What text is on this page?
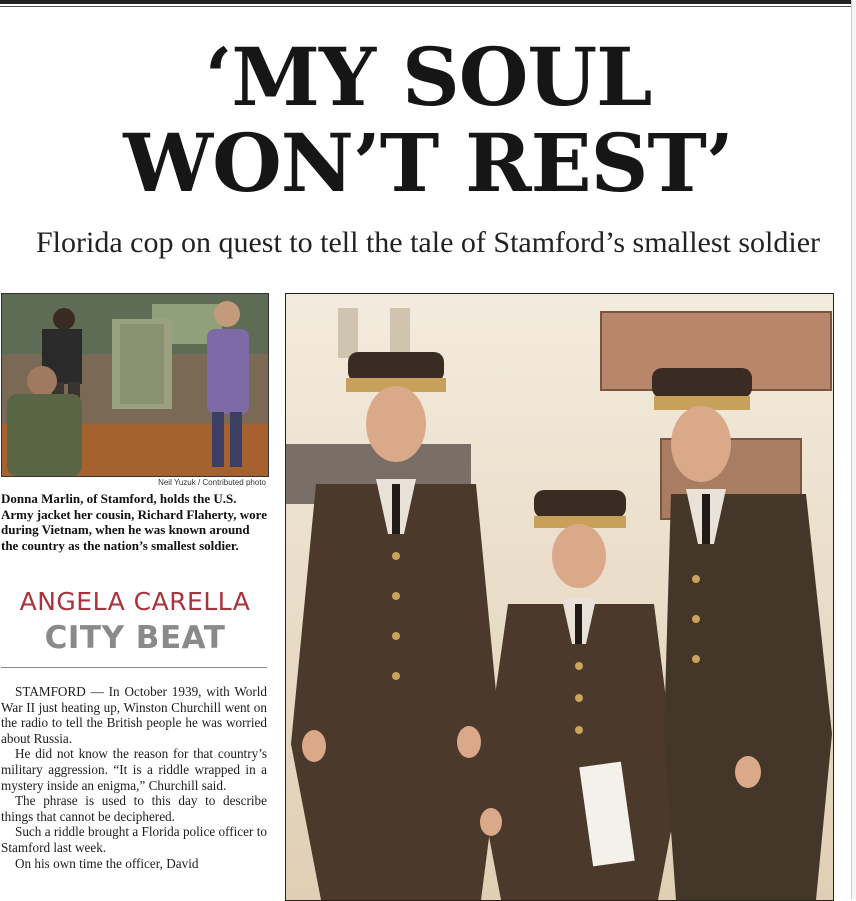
‘MY SOUL
WON’T REST’
Florida cop on quest to tell the tale of Stamford’s smallest soldier
Neil Yuzuk / Contributed photo
Donna Marlin, of Stamford, holds the U.S. Army jacket her cousin, Richard Flaherty, wore during Vietnam, when he was known around the country as the nation’s smallest soldier.
ANGELA CARELLA
CITY BEAT

STAMFORD — In October 1939, with World War II just heating up, Winston Churchill went on the radio to tell the British people he was worried about Russia.

He did not know the reason for that country’s military aggression. “It is a riddle wrapped in a mystery inside an enigma,” Churchill said.

The phrase is used to this day to describe things that cannot be deciphered.

Such a riddle brought a Florida police officer to Stamford last week.

On his own time the officer, David
